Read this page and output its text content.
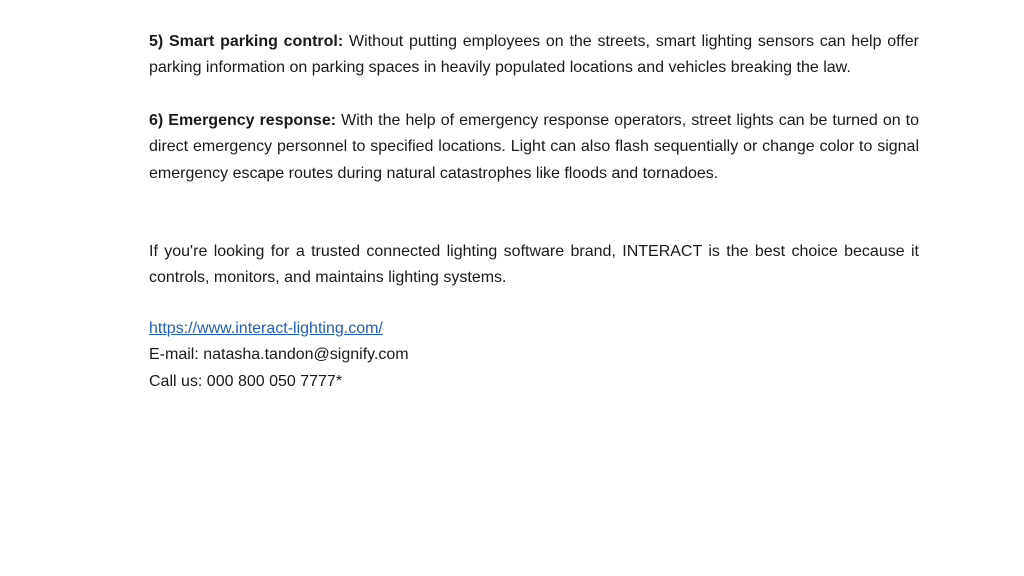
5) Smart parking control: Without putting employees on the streets, smart lighting sensors can help offer parking information on parking spaces in heavily populated locations and vehicles breaking the law.

6) Emergency response: With the help of emergency response operators, street lights can be turned on to direct emergency personnel to specified locations. Light can also flash sequentially or change color to signal emergency escape routes during natural catastrophes like floods and tornadoes.

If you're looking for a trusted connected lighting software brand, INTERACT is the best choice because it controls, monitors, and maintains lighting systems.

https://www.interact-lighting.com/
E-mail: natasha.tandon@signify.com
Call us: 000 800 050 7777*
